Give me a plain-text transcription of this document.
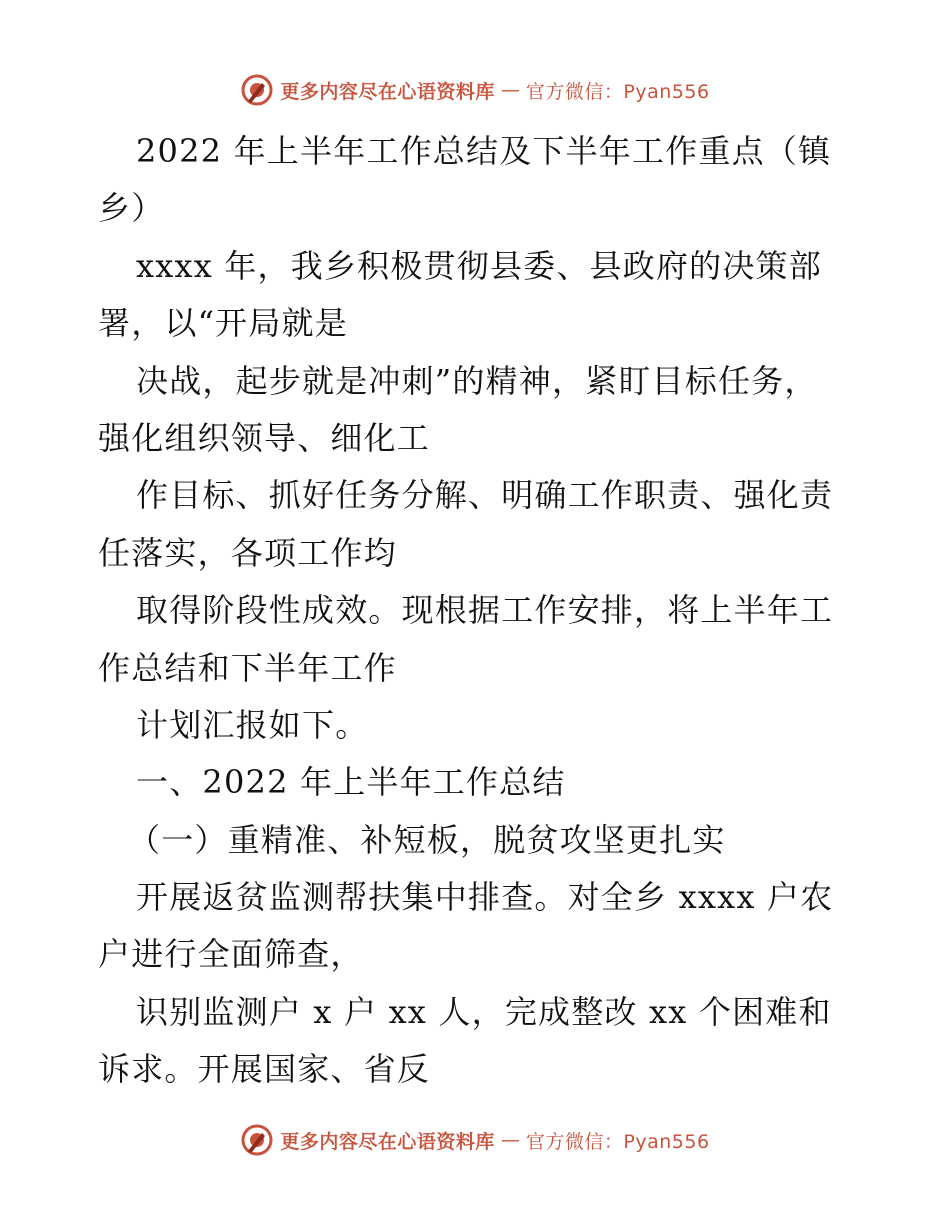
更多内容尽在心语资料库 — 官方微信：Pyan556
2022 年上半年工作总结及下半年工作重点（镇
乡）
xxxx 年，我乡积极贯彻县委、县政府的决策部
署，以“开局就是
决战，起步就是冲刺”的精神，紧盯目标任务，
强化组织领导、细化工
作目标、抓好任务分解、明确工作职责、强化责
任落实，各项工作均
取得阶段性成效。现根据工作安排，将上半年工
作总结和下半年工作
计划汇报如下。
一、2022 年上半年工作总结
（一）重精准、补短板，脱贫攻坚更扎实
开展返贫监测帮扶集中排查。对全乡 xxxx 户农
户进行全面筛查，
识别监测户 x 户 xx 人，完成整改 xx 个困难和
诉求。开展国家、省反
更多内容尽在心语资料库 — 官方微信：Pyan556
